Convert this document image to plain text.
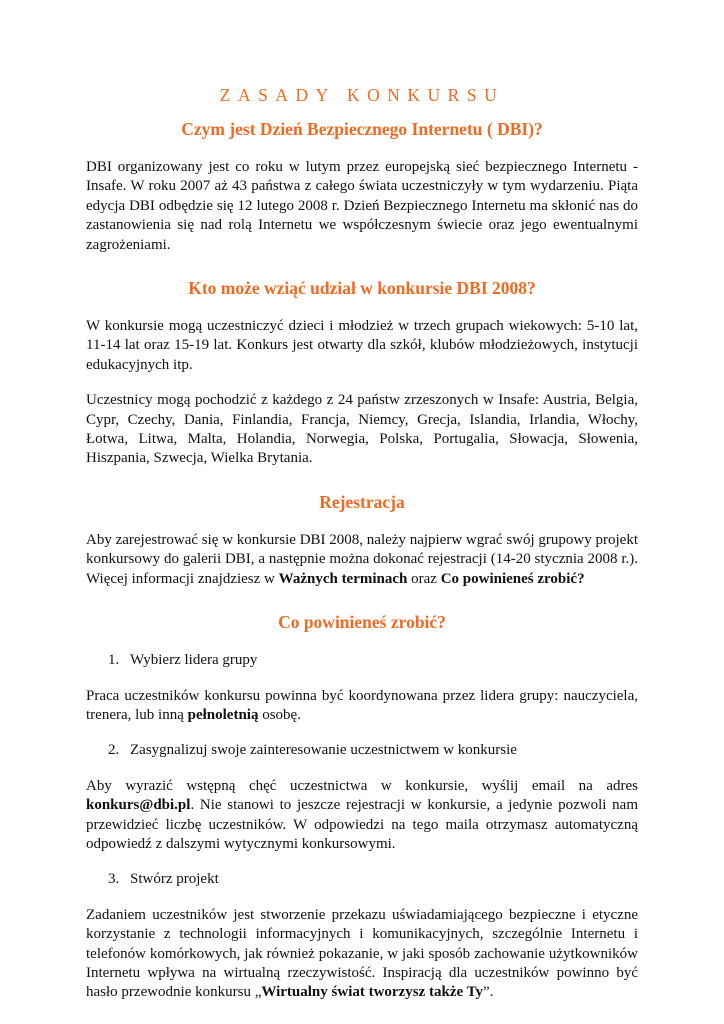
ZASADY KONKURSU
Czym jest Dzień Bezpiecznego Internetu ( DBI)?

DBI organizowany jest co roku w lutym przez europejską sieć bezpiecznego Internetu - Insafe. W roku 2007 aż 43 państwa z całego świata uczestniczyły w tym wydarzeniu. Piąta edycja DBI odbędzie się 12 lutego 2008 r. Dzień Bezpiecznego Internetu ma skłonić nas do zastanowienia się nad rolą Internetu we współczesnym świecie oraz jego ewentualnymi zagrożeniami.

Kto może wziąć udział w konkursie DBI 2008?

W konkursie mogą uczestniczyć dzieci i młodzież w trzech grupach wiekowych: 5-10 lat, 11-14 lat oraz 15-19 lat. Konkurs jest otwarty dla szkół, klubów młodzieżowych, instytucji edukacyjnych itp.

Uczestnicy mogą pochodzić z każdego z 24 państw zrzeszonych w Insafe: Austria, Belgia, Cypr, Czechy, Dania, Finlandia, Francja, Niemcy, Grecja, Islandia, Irlandia, Włochy, Łotwa, Litwa, Malta, Holandia, Norwegia, Polska, Portugalia, Słowacja, Słowenia, Hiszpania, Szwecja, Wielka Brytania.

Rejestracja

Aby zarejestrować się w konkursie DBI 2008, należy najpierw wgrać swój grupowy projekt konkursowy do galerii DBI, a następnie można dokonać rejestracji (14-20 stycznia 2008 r.). Więcej informacji znajdziesz w Ważnych terminach oraz Co powinieneś zrobić?

Co powinieneś zrobić?
1. Wybierz lidera grupy

Praca uczestników konkursu powinna być koordynowana przez lidera grupy: nauczyciela, trenera, lub inną pełnoletnią osobę.

2. Zasygnalizuj swoje zainteresowanie uczestnictwem w konkursie

Aby wyrazić wstępną chęć uczestnictwa w konkursie, wyślij email na adres konkurs@dbi.pl. Nie stanowi to jeszcze rejestracji w konkursie, a jedynie pozwoli nam przewidzieć liczbę uczestników. W odpowiedzi na tego maila otrzymasz automatyczną odpowiedź z dalszymi wytycznymi konkursowymi.

3. Stwórz projekt

Zadaniem uczestników jest stworzenie przekazu uświadamiającego bezpieczne i etyczne korzystanie z technologii informacyjnych i komunikacyjnych, szczególnie Internetu i telefonów komórkowych, jak również pokazanie, w jaki sposób zachowanie użytkowników Internetu wpływa na wirtualną rzeczywistość. Inspiracją dla uczestników powinno być hasło przewodnie konkursu „Wirtualny świat tworzysz także Ty”.
